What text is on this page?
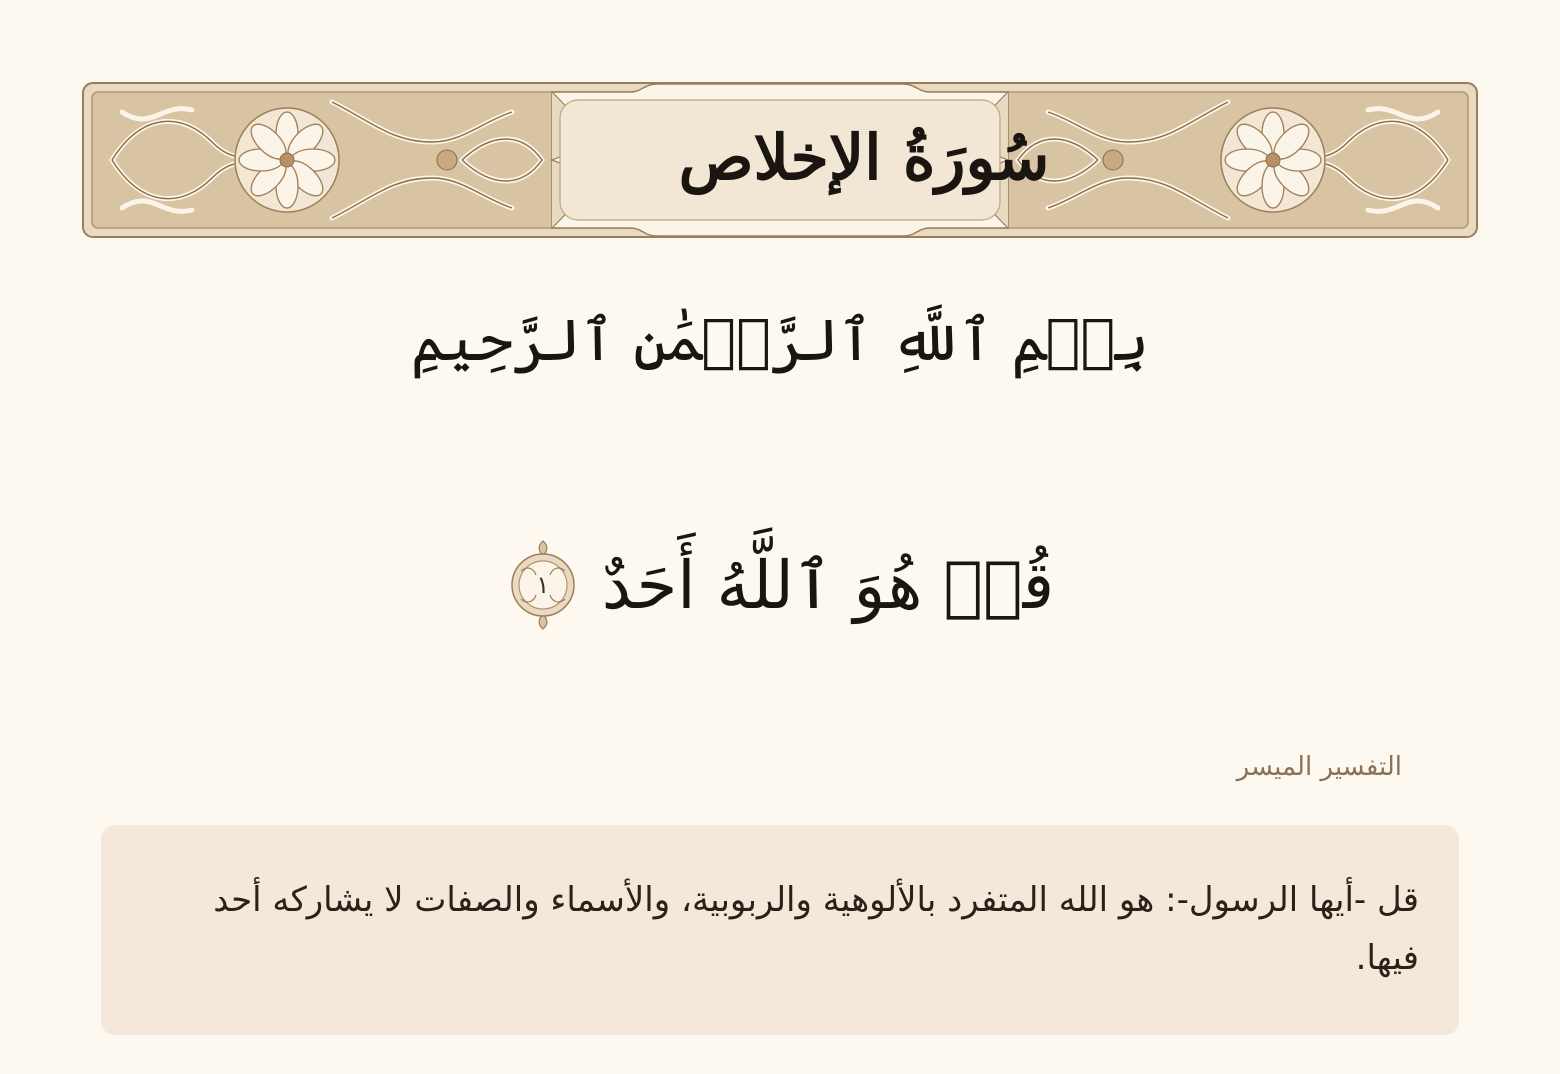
سُورَةُ الإخلاص
بِسۡمِ ٱللَّهِ ٱلرَّحۡمَٰنِ ٱلرَّحِيمِ
قُلۡ هُوَ ٱللَّهُ أَحَدٌ
١
التفسير الميسر
قل -أيها الرسول-: هو الله المتفرد بالألوهية والربوبية، والأسماء والصفات لا يشاركه أحد فيها.
